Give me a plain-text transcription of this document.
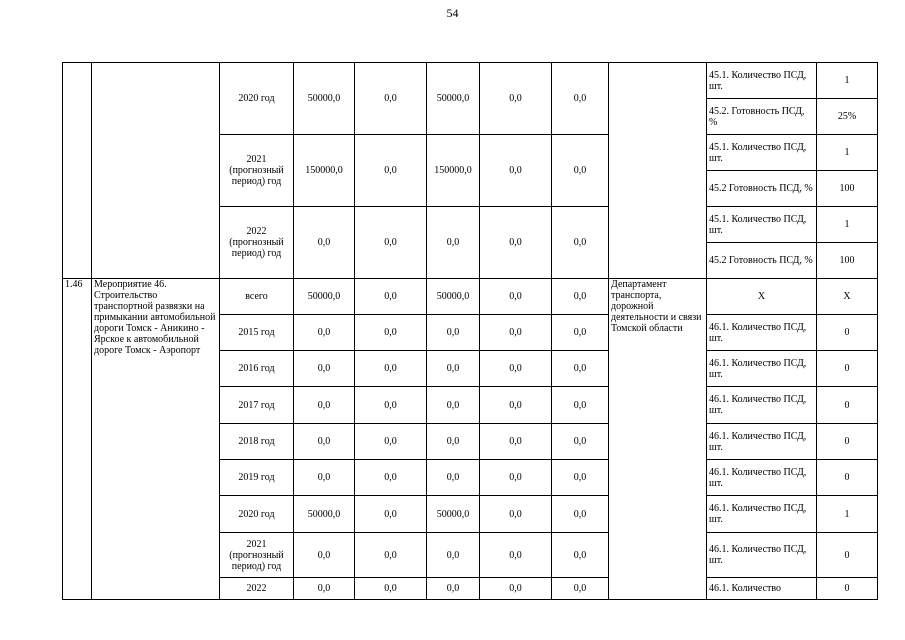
54
		2020 год	50000,0	0,0	50000,0	0,0	0,0		45.1. Количество ПСД, шт.	1
									45.2. Готовность ПСД, %	25%
		2021 (прогнозный период) год	150000,0	0,0	150000,0	0,0	0,0		45.1. Количество ПСД, шт.	1
									45.2 Готовность ПСД, %	100
		2022 (прогнозный период) год	0,0	0,0	0,0	0,0	0,0		45.1. Количество ПСД, шт.	1
									45.2 Готовность ПСД, %	100
1.46	Мероприятие 46. Строительство транспортной развязки на примыкании автомобильной дороги Томск - Аникино - Ярское к автомобильной дороге Томск - Аэропорт	всего	50000,0	0,0	50000,0	0,0	0,0	Департамент транспорта, дорожной деятельности и связи Томской области	X	X
		2015 год	0,0	0,0	0,0	0,0	0,0		46.1. Количество ПСД, шт.	0
		2016 год	0,0	0,0	0,0	0,0	0,0		46.1. Количество ПСД, шт.	0
		2017 год	0,0	0,0	0,0	0,0	0,0		46.1. Количество ПСД, шт.	0
		2018 год	0,0	0,0	0,0	0,0	0,0		46.1. Количество ПСД, шт.	0
		2019 год	0,0	0,0	0,0	0,0	0,0		46.1. Количество ПСД, шт.	0
		2020 год	50000,0	0,0	50000,0	0,0	0,0		46.1. Количество ПСД, шт.	1
		2021 (прогнозный период) год	0,0	0,0	0,0	0,0	0,0		46.1. Количество ПСД, шт.	0
		2022	0,0	0,0	0,0	0,0	0,0		46.1. Количество	0
